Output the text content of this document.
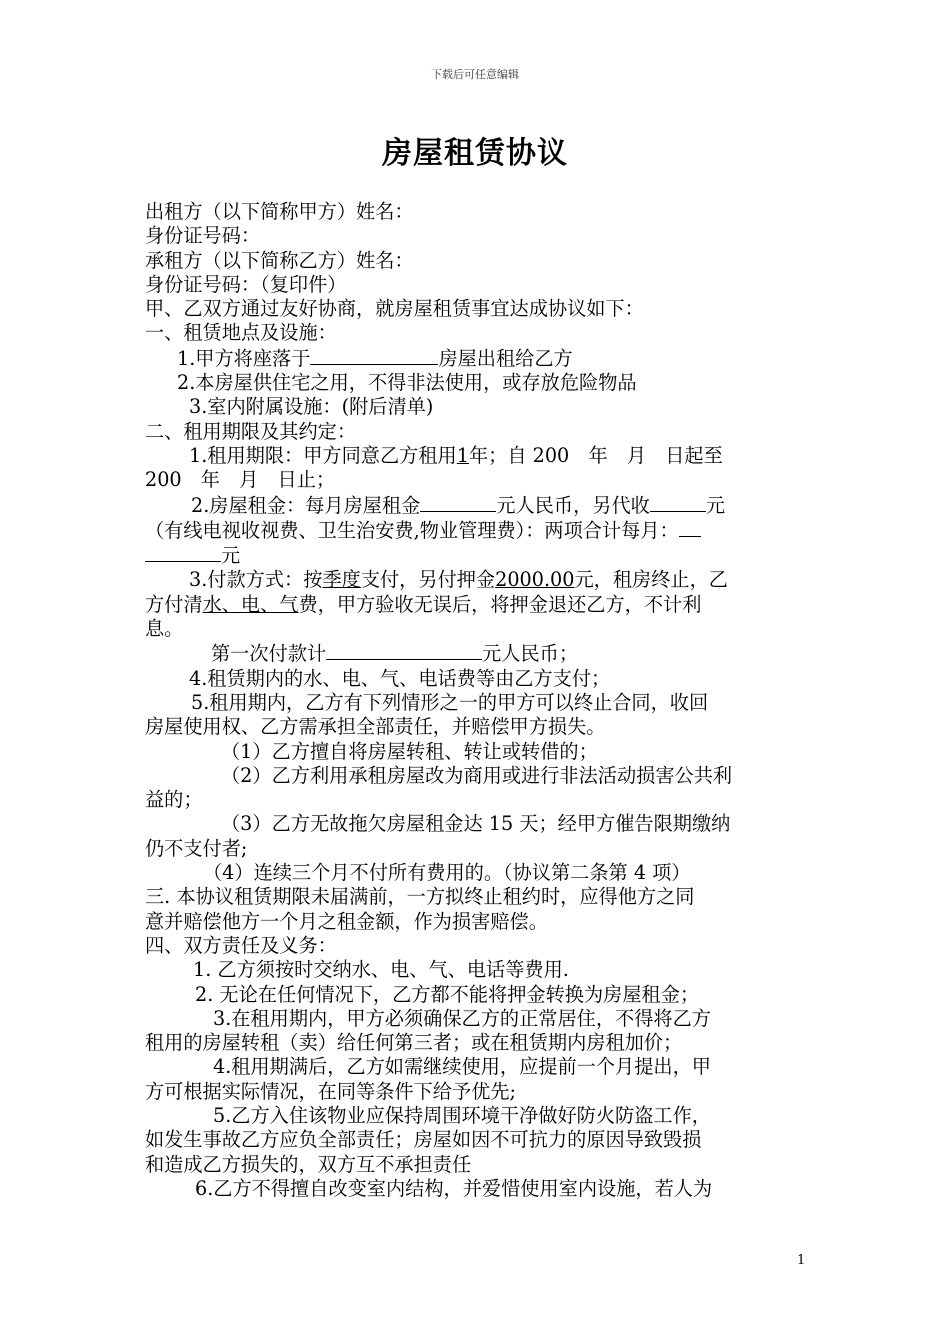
下载后可任意编辑
房屋租赁协议
出租方（以下简称甲方）姓名：
身份证号码：
承租方（以下简称乙方）姓名：
身份证号码：（复印件）
甲、乙双方通过友好协商，就房屋租赁事宜达成协议如下：
一、租赁地点及设施：
1.甲方将座落于	房屋出租给乙方
2.本房屋供住宅之用，不得非法使用，或存放危险物品
3.室内附属设施：(附后清单)
二、租用期限及其约定：
1.租用期限：甲方同意乙方租用1年；自 200　年　月　日起至
200　年　月　日止；
2.房屋租金：每月房屋租金	元人民币，另代收	元
（有线电视收视费、卫生治安费,物业管理费）：两项合计每月：
元
3.付款方式：按季度支付，另付押金2000.00元，租房终止，乙
方付清水、电、气费，甲方验收无误后，将押金退还乙方，不计利
息。
第一次付款计	元人民币；
4.租赁期内的水、电、气、电话费等由乙方支付；
5.租用期内，乙方有下列情形之一的甲方可以终止合同，收回
房屋使用权、乙方需承担全部责任，并赔偿甲方损失。
（1）乙方擅自将房屋转租、转让或转借的；
（2）乙方利用承租房屋改为商用或进行非法活动损害公共利
益的；
（3）乙方无故拖欠房屋租金达 15 天；经甲方催告限期缴纳
仍不支付者;
（4）连续三个月不付所有费用的。（协议第二条第 4 项）
三. 本协议租赁期限未届满前，一方拟终止租约时，应得他方之同
意并赔偿他方一个月之租金额，作为损害赔偿。
四、双方责任及义务：
1. 乙方须按时交纳水、电、气、电话等费用.
2. 无论在任何情况下，乙方都不能将押金转换为房屋租金；
3.在租用期内，甲方必须确保乙方的正常居住，不得将乙方
租用的房屋转租（卖）给任何第三者；或在租赁期内房租加价；
4.租用期满后，乙方如需继续使用，应提前一个月提出，甲
方可根据实际情况，在同等条件下给予优先;
5.乙方入住该物业应保持周围环境干净做好防火防盗工作，
如发生事故乙方应负全部责任；房屋如因不可抗力的原因导致毁损
和造成乙方损失的，双方互不承担责任
6.乙方不得擅自改变室内结构，并爱惜使用室内设施，若人为
1
